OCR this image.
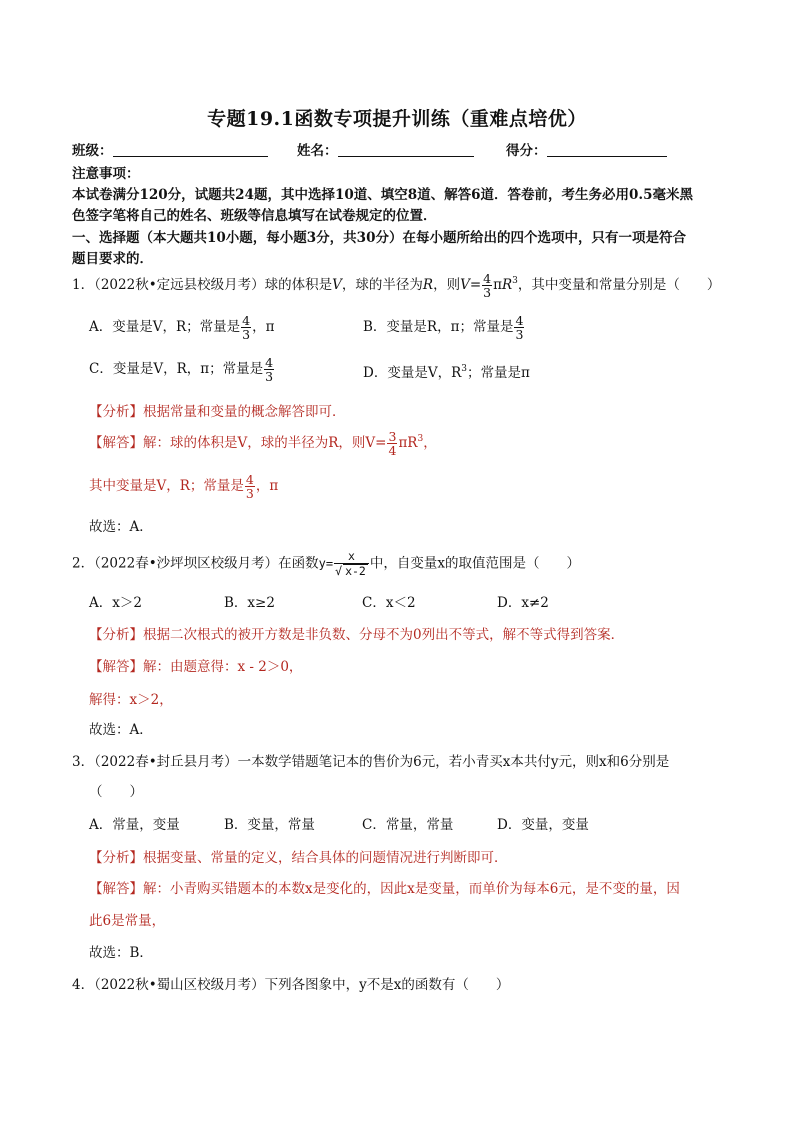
专题19.1函数专项提升训练（重难点培优）
班级：	姓名：	得分：
注意事项：
本试卷满分120分，试题共24题，其中选择10道、填空8道、解答6道．答卷前，考生务必用0.5毫米黑
色签字笔将自己的姓名、班级等信息填写在试卷规定的位置．
一、选择题（本大题共10小题，每小题3分，共30分）在每小题所给出的四个选项中，只有一项是符合
题目要求的．
1．（2022秋•定远县校级月考）球的体积是V，球的半径为R，则$V= \frac{4}{3} \pi R^3$，其中变量和常量分别是（　　）
A．变量是V，R；常量是 $\frac{4}{3}$ ，π	B．变量是R，π；常量是 $\frac{4}{3}$
C．变量是V，R，π；常量是 $\frac{4}{3}$	D．变量是V，$R^3$；常量是π
【分析】根据常量和变量的概念解答即可．
【解答】解：球的体积是V，球的半径为R，则$V= \frac{3}{4} \pi R^3$，
其中变量是V，R；常量是 $\frac{4}{3}$ ，π
故选：A．
2．（2022春•沙坪坝区校级月考）在函数$y= \frac{x}{√ x-2}$ 中，自变量x的取值范围是（　　）
A．x＞2	B．x≥2	C．x＜2	D．x≠2
【分析】根据二次根式的被开方数是非负数、分母不为0列出不等式，解不等式得到答案．
【解答】解：由题意得：x - 2＞0，
解得：x＞2，
故选：A．
3．（2022春•封丘县月考）一本数学错题笔记本的售价为6元，若小青买x本共付y元，则x和6分别是
（　　）
A．常量，变量	B．变量，常量	C．常量，常量	D．变量，变量
【分析】根据变量、常量的定义，结合具体的问题情况进行判断即可．
【解答】解：小青购买错题本的本数x是变化的，因此x是变量，而单价为每本6元，是不变的量，因
此6是常量，
故选：B．
4．（2022秋•蜀山区校级月考）下列各图象中，y不是x的函数有（　　）
